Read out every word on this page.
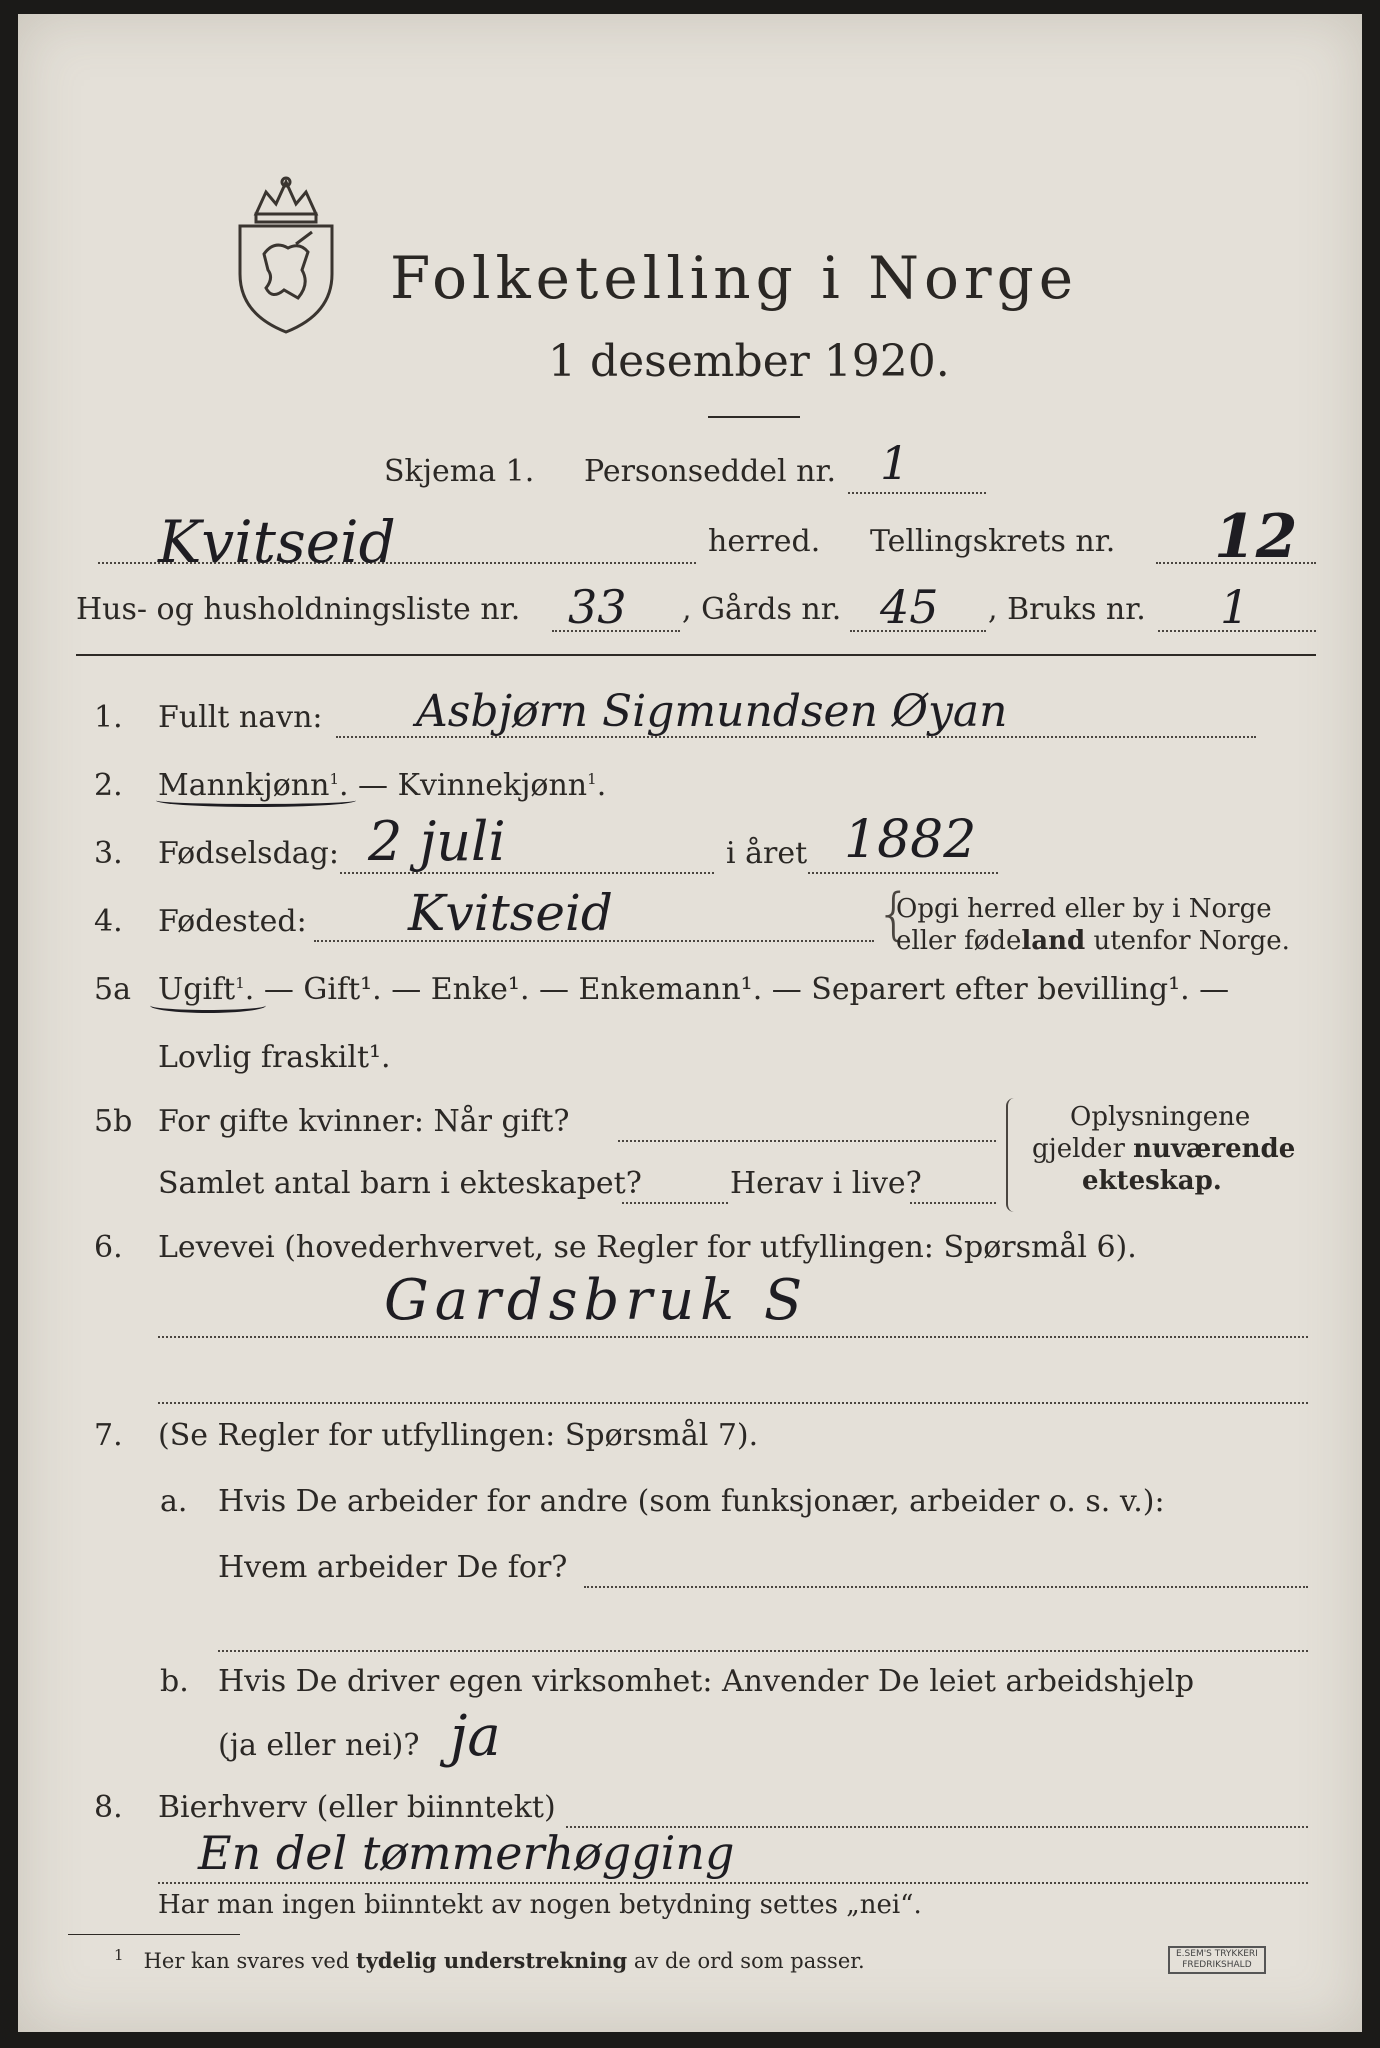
Folketelling i Norge
1 desember 1920.
Skjema 1. Personseddel nr. 1
Kvitseid	herred. Tellingskrets nr. 12
Hus- og husholdningsliste nr. 33 , Gårds nr. 45 , Bruks nr. 1
1. Fullt navn: Asbjørn Sigmundsen Øyan
2. Mannkjønn$^1$. — Kvinnekjønn$^1$.
3. Fødselsdag: 2 juli	i året 1882
4. Fødested: Kvitseid	{
Opgi herred eller by i Norge
eller fødeland utenfor Norge.
5a Ugift$^1$. — Gift¹. — Enke¹. — Enkemann¹. — Separert efter bevilling¹. —
Lovlig fraskilt¹.
5b For gifte kvinner: Når gift?
Samlet antal barn i ekteskapet?	Herav i live?
Oplysningene
gjelder nuværende
ekteskap.
6. Levevei (hovederhvervet, se Regler for utfyllingen: Spørsmål 6).
Gardsbruk S
7. (Se Regler for utfyllingen: Spørsmål 7).
a. Hvis De arbeider for andre (som funksjonær, arbeider o. s. v.):
Hvem arbeider De for?
b. Hvis De driver egen virksomhet: Anvender De leiet arbeidshjelp
(ja eller nei)? ja
8. Bierhverv (eller biinntekt)
En del tømmerhøgging
Har man ingen biinntekt av nogen betydning settes „nei“.
$^1$ Her kan svares ved tydelig understrekning av de ord som passer.	E.SEM'S TRYKKERI
FREDRIKSHALD
